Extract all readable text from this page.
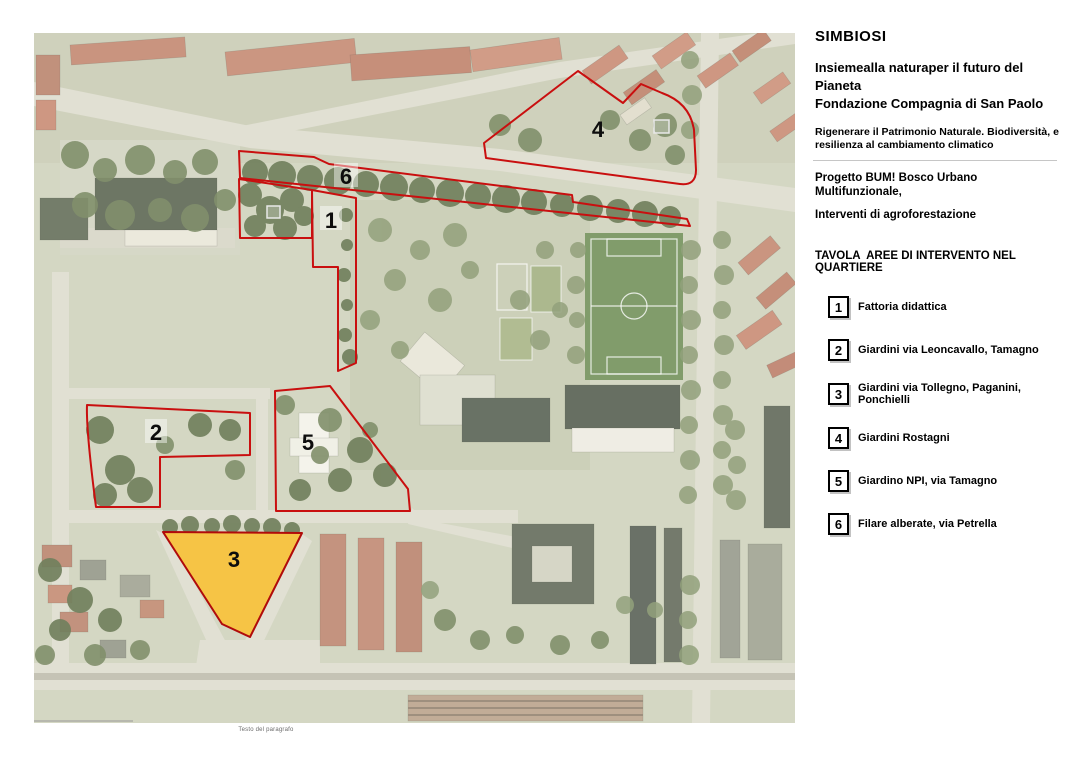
1
2
3
4
5
6
Testo del paragrafo
SIMBIOSI

Insiemealla naturaper il futuro del Pianeta
Fondazione Compagnia di San Paolo

Rigenerare il Patrimonio Naturale. Biodiversità, e
resilienza al cambiamento climatico

Progetto BUM! Bosco Urbano Multifunzionale,

Interventi di agroforestazione

TAVOLA  AREE DI INTERVENTO NEL QUARTIERE

1	Fattoria didattica
2	Giardini via Leoncavallo, Tamagno
3	Giardini via Tollegno, Paganini, Ponchielli
4	Giardini Rostagni
5	Giardino NPI, via Tamagno
6	Filare alberate, via Petrella
